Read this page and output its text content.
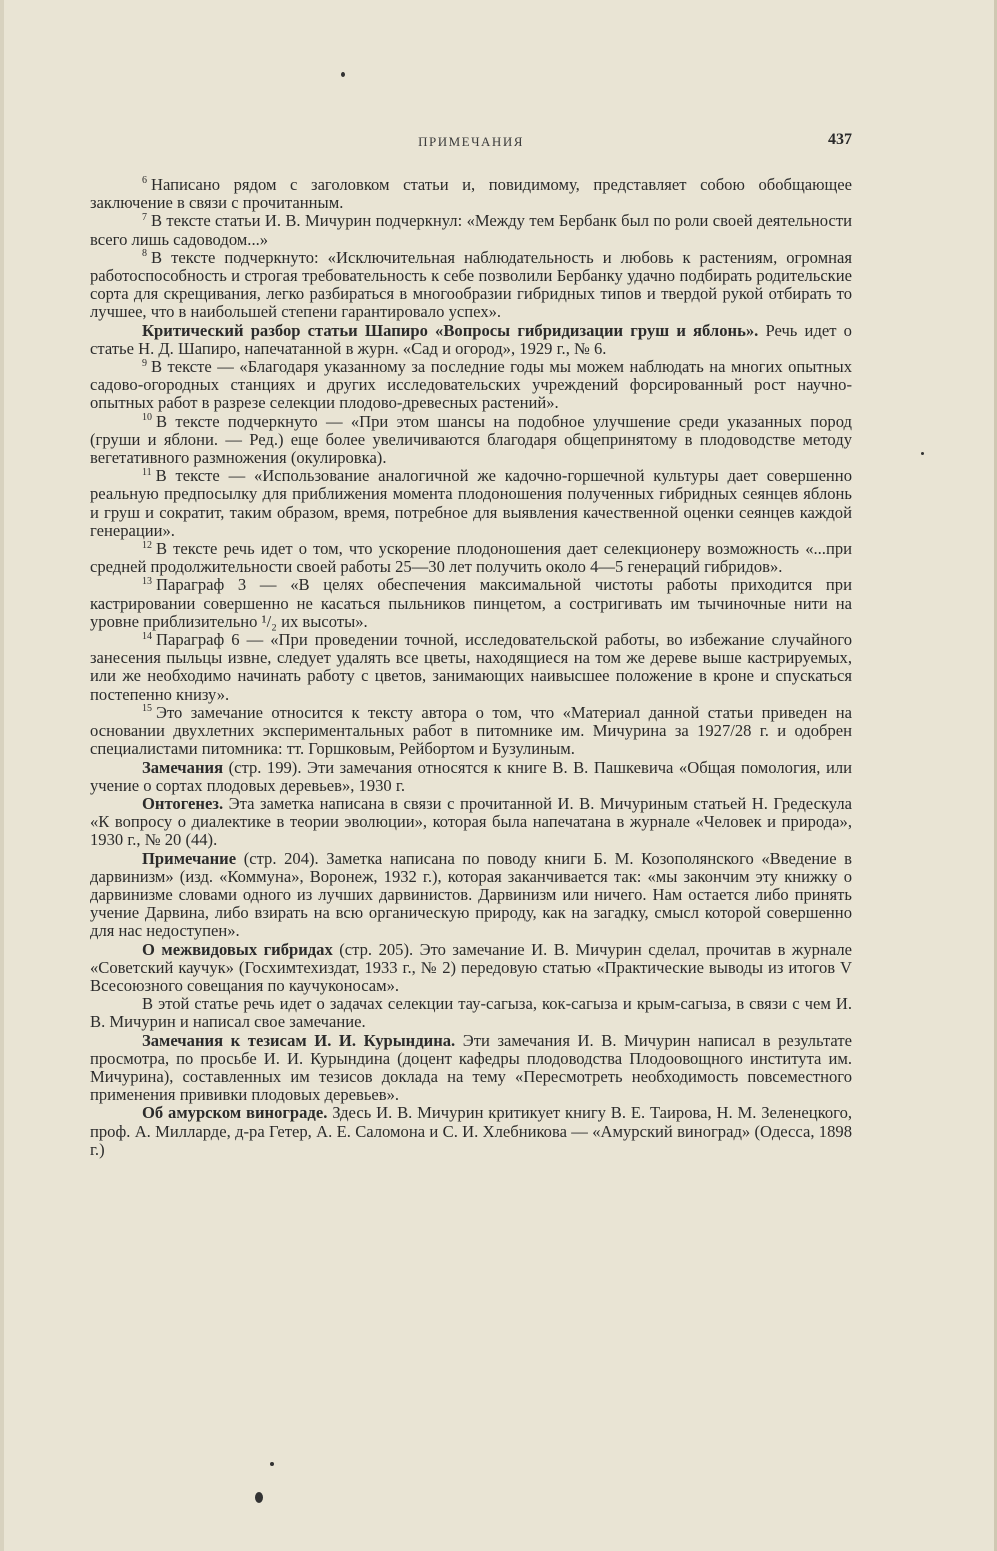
ПРИМЕЧАНИЯ	437

$^6$ Написано рядом с заголовком статьи и, повидимому, представляет собою обобщающее заключение в связи с прочитанным.

$^7$ В тексте статьи И. В. Мичурин подчеркнул: «Между тем Бербанк был по роли своей деятельности всего лишь садоводом...»

$^8$ В тексте подчеркнуто: «Исключительная наблюдательность и любовь к растениям, огромная работоспособность и строгая требовательность к себе позволили Бербанку удачно подбирать родительские сорта для скрещивания, легко разбираться в многообразии гибридных типов и твердой рукой отбирать то лучшее, что в наибольшей степени гарантировало успех».

Критический разбор статьи Шапиро «Вопросы гибридизации груш и яблонь». Речь идет о статье Н. Д. Шапиро, напечатанной в журн. «Сад и огород», 1929 г., № 6.

$^9$ В тексте — «Благодаря указанному за последние годы мы можем наблюдать на многих опытных садово-огородных станциях и других исследовательских учреждений форсированный рост научно-опытных работ в разрезе селекции плодово-древесных растений».

$^{10}$ В тексте подчеркнуто — «При этом шансы на подобное улучшение среди указанных пород (груши и яблони. — Ред.) еще более увеличиваются благодаря общепринятому в плодоводстве методу вегетативного размножения (окулировка).

$^{11}$ В тексте — «Использование аналогичной же кадочно-горшечной культуры дает совершенно реальную предпосылку для приближения момента плодоношения полученных гибридных сеянцев яблонь и груш и сократит, таким образом, время, потребное для выявления качественной оценки сеянцев каждой генерации».

$^{12}$ В тексте речь идет о том, что ускорение плодоношения дает селекционеру возможность «...при средней продолжительности своей работы 25—30 лет получить около 4—5 генераций гибридов».

$^{13}$ Параграф 3 — «В целях обеспечения максимальной чистоты работы приходится при кастрировании совершенно не касаться пыльников пинцетом, а состригивать им тычиночные нити на уровне приблизительно ¹/₂ их высоты».

$^{14}$ Параграф 6 — «При проведении точной, исследовательской работы, во избежание случайного занесения пыльцы извне, следует удалять все цветы, находящиеся на том же дереве выше кастрируемых, или же необходимо начинать работу с цветов, занимающих наивысшее положение в кроне и спускаться постепенно книзу».

$^{15}$ Это замечание относится к тексту автора о том, что «Материал данной статьи приведен на основании двухлетних экспериментальных работ в питомнике им. Мичурина за 1927/28 г. и одобрен специалистами питомника: тт. Горшковым, Рейбортом и Бузулиным.

Замечания (стр. 199). Эти замечания относятся к книге В. В. Пашкевича «Общая помология, или учение о сортах плодовых деревьев», 1930 г.

Онтогенез. Эта заметка написана в связи с прочитанной И. В. Мичуриным статьей Н. Гредескула «К вопросу о диалектике в теории эволюции», которая была напечатана в журнале «Человек и природа», 1930 г., № 20 (44).

Примечание (стр. 204). Заметка написана по поводу книги Б. М. Козополянского «Введение в дарвинизм» (изд. «Коммуна», Воронеж, 1932 г.), которая заканчивается так: «мы закончим эту книжку о дарвинизме словами одного из лучших дарвинистов. Дарвинизм или ничего. Нам остается либо принять учение Дарвина, либо взирать на всю органическую природу, как на загадку, смысл которой совершенно для нас недоступен».

О межвидовых гибридах (стр. 205). Это замечание И. В. Мичурин сделал, прочитав в журнале «Советский каучук» (Госхимтехиздат, 1933 г., № 2) передовую статью «Практические выводы из итогов V Всесоюзного совещания по каучуконосам».

В этой статье речь идет о задачах селекции тау-сагыза, кок-сагыза и крым-сагыза, в связи с чем И. В. Мичурин и написал свое замечание.

Замечания к тезисам И. И. Курындина. Эти замечания И. В. Мичурин написал в результате просмотра, по просьбе И. И. Курындина (доцент кафедры плодоводства Плодоовощного института им. Мичурина), составленных им тезисов доклада на тему «Пересмотреть необходимость повсеместного применения прививки плодовых деревьев».

Об амурском винограде. Здесь И. В. Мичурин критикует книгу В. Е. Таирова, Н. М. Зеленецкого, проф. А. Милларде, д-ра Гетер, А. Е. Саломона и С. И. Хлебникова — «Амурский виноград» (Одесса, 1898 г.)
